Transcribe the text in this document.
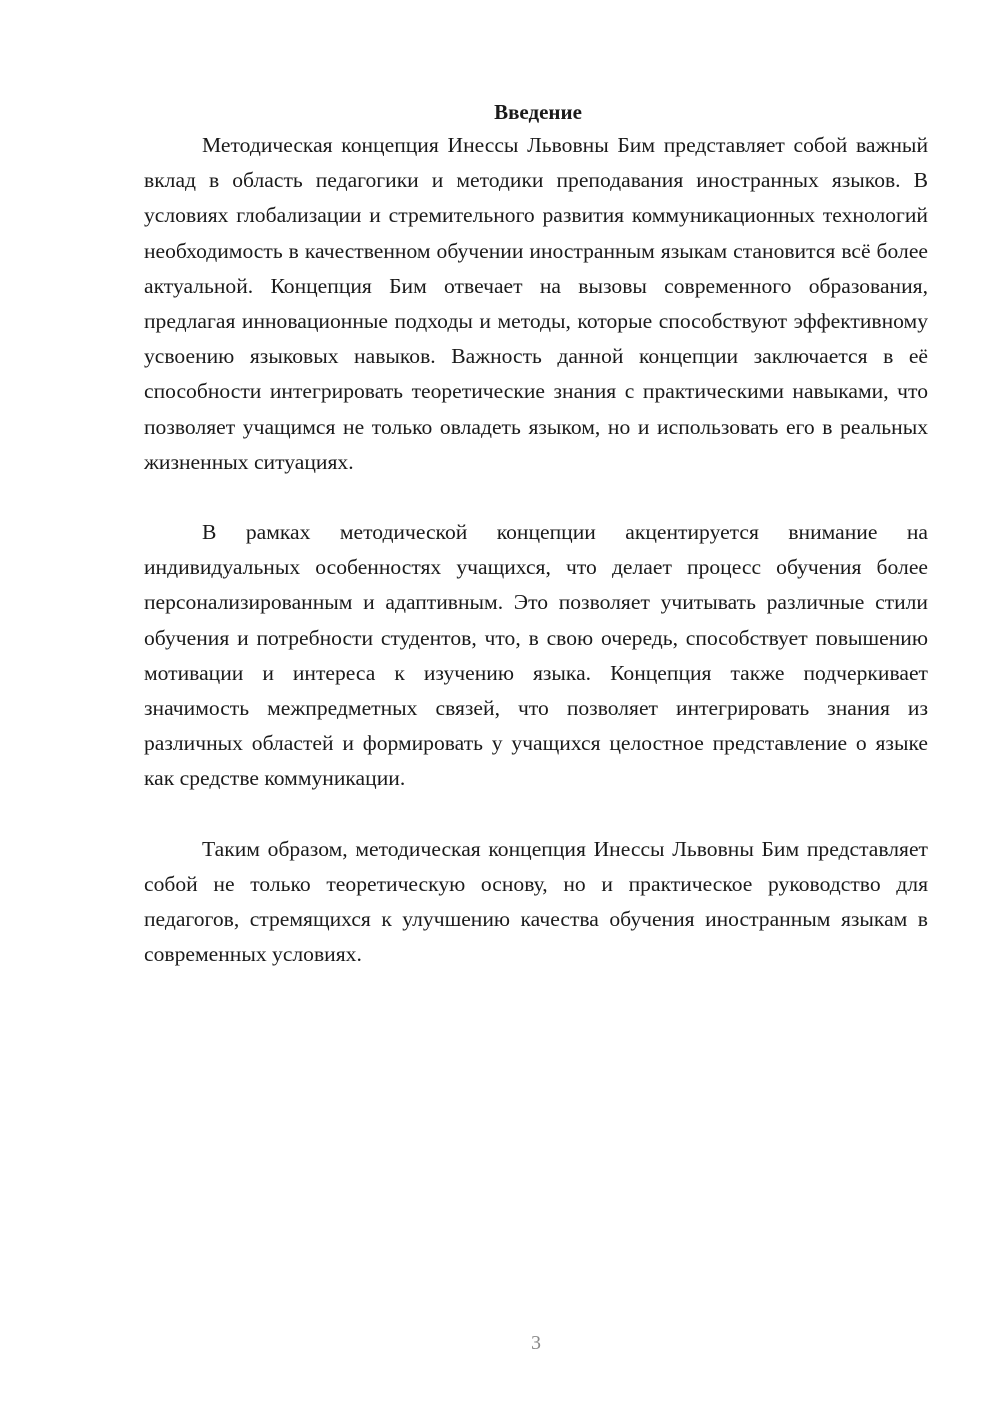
Введение

Методическая концепция Инессы Львовны Бим представляет собой важный вклад в область педагогики и методики преподавания иностранных языков. В условиях глобализации и стремительного развития коммуникационных технологий необходимость в качественном обучении иностранным языкам становится всё более актуальной. Концепция Бим отвечает на вызовы современного образования, предлагая инновационные подходы и методы, которые способствуют эффективному усвоению языковых навыков. Важность данной концепции заключается в её способности интегрировать теоретические знания с практическими навыками, что позволяет учащимся не только овладеть языком, но и использовать его в реальных жизненных ситуациях.

В рамках методической концепции акцентируется внимание на индивидуальных особенностях учащихся, что делает процесс обучения более персонализированным и адаптивным. Это позволяет учитывать различные стили обучения и потребности студентов, что, в свою очередь, способствует повышению мотивации и интереса к изучению языка. Концепция также подчеркивает значимость межпредметных связей, что позволяет интегрировать знания из различных областей и формировать у учащихся целостное представление о языке как средстве коммуникации.

Таким образом, методическая концепция Инессы Львовны Бим представляет собой не только теоретическую основу, но и практическое руководство для педагогов, стремящихся к улучшению качества обучения иностранным языкам в современных условиях.

3
